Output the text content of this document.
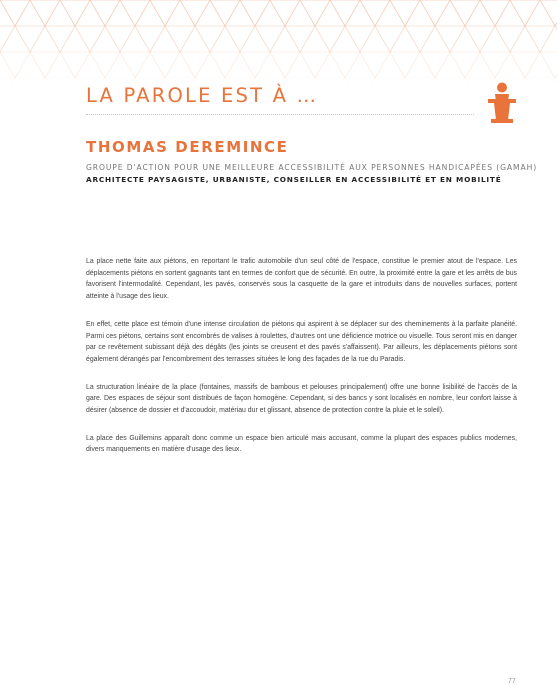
LA PAROLE EST À …
THOMAS DEREMINCE
GROUPE D'ACTION POUR UNE MEILLEURE ACCESSIBILITÉ AUX PERSONNES HANDICAPÉES (GAMAH)
ARCHITECTE PAYSAGISTE, URBANISTE, CONSEILLER EN ACCESSIBILITÉ ET EN MOBILITÉ

La place nette faite aux piétons, en reportant le trafic automobile d'un seul côté de l'espace, constitue le premier atout de l'espace. Les déplacements piétons en sortent gagnants tant en termes de confort que de sécurité. En outre, la proximité entre la gare et les arrêts de bus favorisent l'intermodalité. Cependant, les pavés, conservés sous la casquette de la gare et introduits dans de nouvelles surfaces, portent atteinte à l'usage des lieux.

En effet, cette place est témoin d'une intense circulation de piétons qui aspirent à se déplacer sur des cheminements à la parfaite planéité. Parmi ces piétons, certains sont encombrés de valises à roulettes, d'autres ont une déficience motrice ou visuelle. Tous seront mis en danger par ce revêtement subissant déjà des dégâts (les joints se creusent et des pavés s'affaissent). Par ailleurs, les déplacements piétons sont également dérangés par l'encombrement des terrasses situées le long des façades de la rue du Paradis.

La structuration linéaire de la place (fontaines, massifs de bambous et pelouses principalement) offre une bonne lisibilité de l'accès de la gare. Des espaces de séjour sont distribués de façon homogène. Cependant, si des bancs y sont localisés en nombre, leur confort laisse à désirer (absence de dossier et d'accoudoir, matériau dur et glissant, absence de protection contre la pluie et le soleil).

La place des Guillemins apparaît donc comme un espace bien articulé mais accusant, comme la plupart des espaces publics modernes, divers manquements en matière d'usage des lieux.

77
